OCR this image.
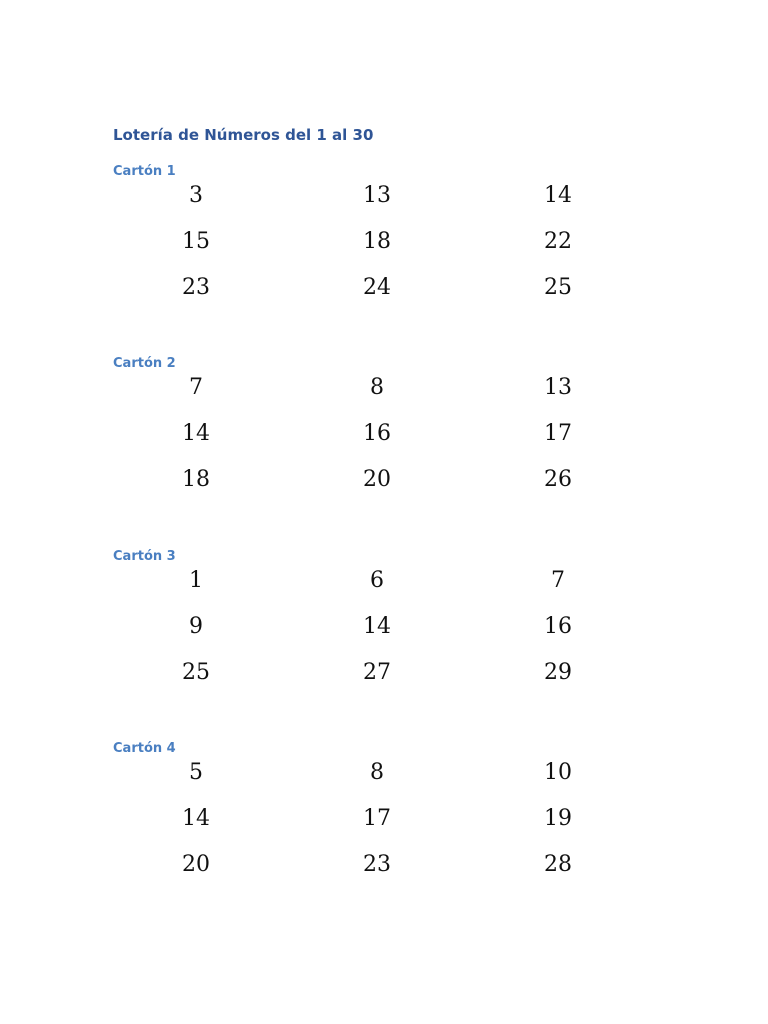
Lotería de Números del 1 al 30
Cartón 1
3	13	14
15	18	22
23	24	25
Cartón 2
7	8	13
14	16	17
18	20	26
Cartón 3
1	6	7
9	14	16
25	27	29
Cartón 4
5	8	10
14	17	19
20	23	28
